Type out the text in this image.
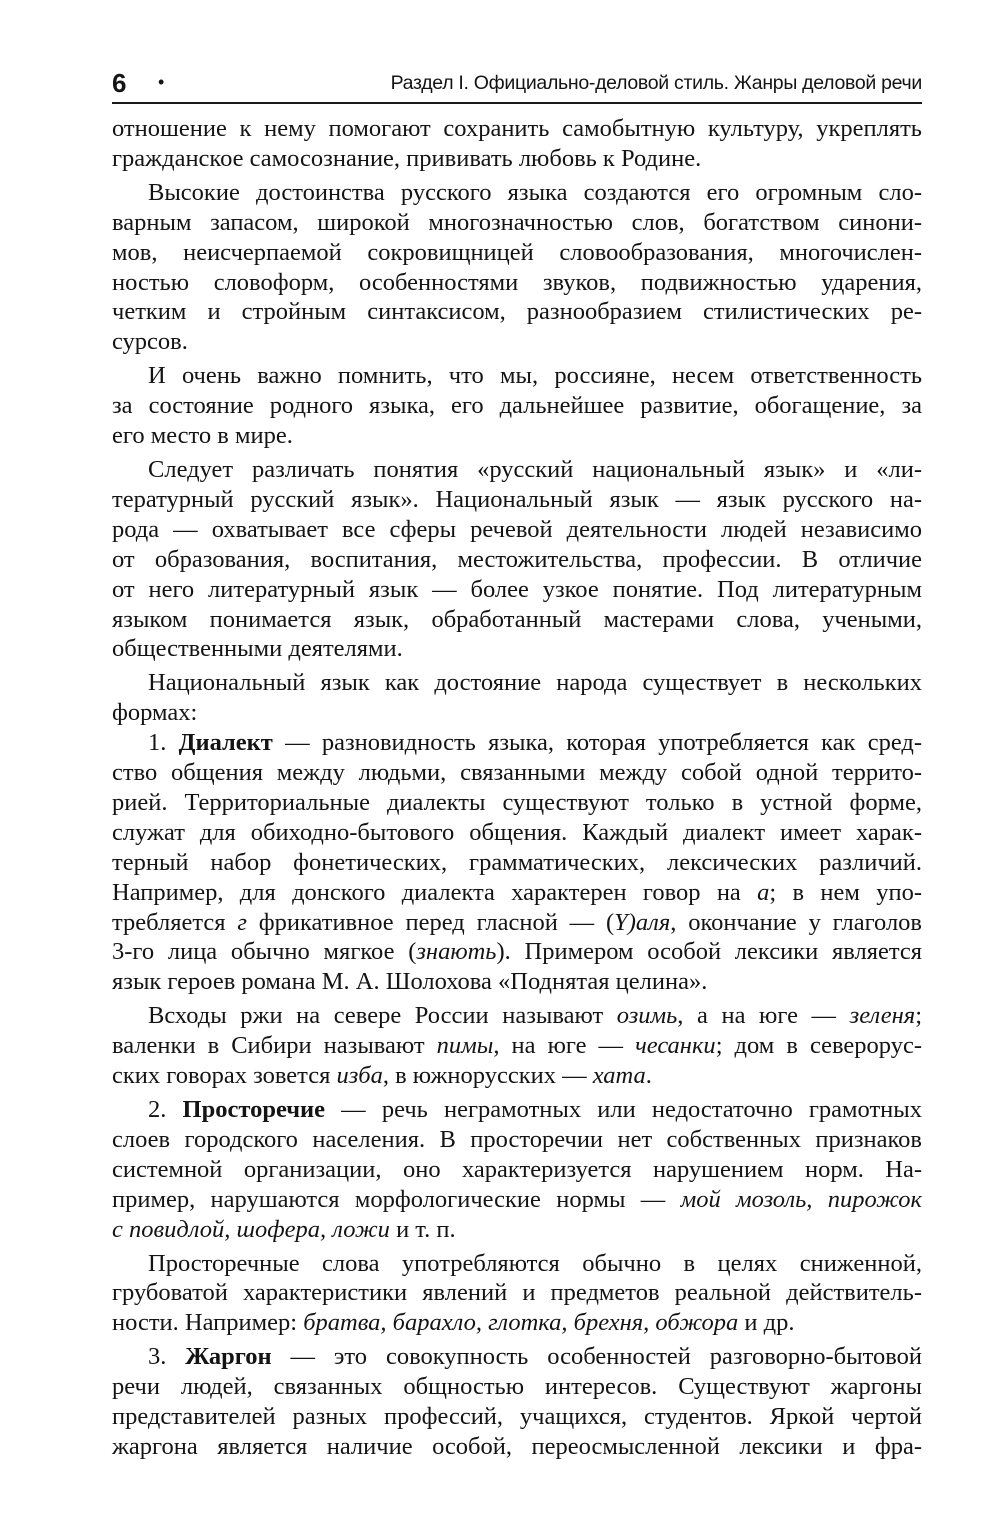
6 •	Раздел I. Официально-деловой стиль. Жанры деловой речи
отношение к нему помогают сохранить самобытную культуру, укреплять
гражданское самосознание, прививать любовь к Родине.
Высокие достоинства русского языка создаются его огромным сло-
варным запасом, широкой многозначностью слов, богатством синони-
мов, неисчерпаемой сокровищницей словообразования, многочислен-
ностью словоформ, особенностями звуков, подвижностью ударения,
четким и стройным синтаксисом, разнообразием стилистических ре-
сурсов.
И очень важно помнить, что мы, россияне, несем ответственность
за состояние родного языка, его дальнейшее развитие, обогащение, за
его место в мире.
Следует различать понятия «русский национальный язык» и «ли-
тературный русский язык». Национальный язык — язык русского на-
рода — охватывает все сферы речевой деятельности людей независимо
от образования, воспитания, местожительства, профессии. В отличие
от него литературный язык — более узкое понятие. Под литературным
языком понимается язык, обработанный мастерами слова, учеными,
общественными деятелями.
Национальный язык как достояние народа существует в нескольких
формах:
1. Диалект — разновидность языка, которая употребляется как сред-
ство общения между людьми, связанными между собой одной террито-
рией. Территориальные диалекты существуют только в устной форме,
служат для обиходно-бытового общения. Каждый диалект имеет харак-
терный набор фонетических, грамматических, лексических различий.
Например, для донского диалекта характерен говор на а; в нем упо-
требляется г фрикативное перед гласной — (Y)аля, окончание у глаголов
3-го лица обычно мягкое (знають). Примером особой лексики является
язык героев романа М. А. Шолохова «Поднятая целина».
Всходы ржи на севере России называют озимь, а на юге — зеленя;
валенки в Сибири называют пимы, на юге — чесанки; дом в северорус-
ских говорах зовется изба, в южнорусских — хата.
2. Просторечие — речь неграмотных или недостаточно грамотных
слоев городского населения. В просторечии нет собственных признаков
системной организации, оно характеризуется нарушением норм. На-
пример, нарушаются морфологические нормы — мой мозоль, пирожок
с повидлой, шофера, ложи и т. п.
Просторечные слова употребляются обычно в целях сниженной,
грубоватой характеристики явлений и предметов реальной действитель-
ности. Например: братва, барахло, глотка, брехня, обжора и др.
3. Жаргон — это совокупность особенностей разговорно-бытовой
речи людей, связанных общностью интересов. Существуют жаргоны
представителей разных профессий, учащихся, студентов. Яркой чертой
жаргона является наличие особой, переосмысленной лексики и фра-
